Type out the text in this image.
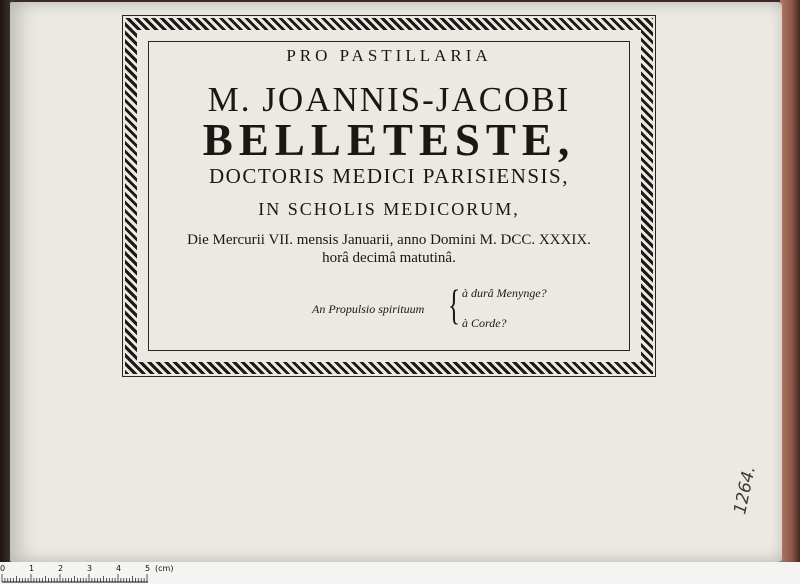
PRO PASTILLARIA
M. JOANNIS-JACOBI
BELLETESTE,
DOCTORIS MEDICI PARISIENSIS,
IN SCHOLIS MEDICORUM,
Die Mercurii VII. mensis Januarii, anno Domini M. DCC. XXXIX.
horâ decimâ matutinâ.
An Propulsio spirituum { à durâ Menynge?
à Corde?
1264.
0	1	2	3	4	5 (cm)
